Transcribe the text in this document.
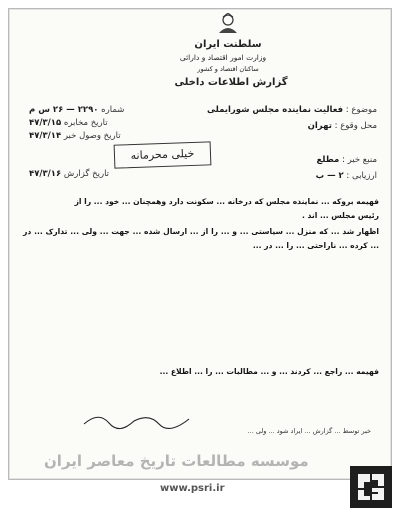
سلطنت ایران
وزارت امور اقتصاد و دارائی
ساکنان اقتصاد و کشور
گزارش اطلاعات داخلی
شماره ۲۲۹۰ — ۲۶ س م
تاریخ مخابره ۴۷/۳/۱۵
تاریخ وصول خبر ۴۷/۳/۱۴
تاریخ گزارش ۴۷/۳/۱۶
موضوع : فعالیت نماینده مجلس شورایملی
محل وقوع : تهران
منبع خبر : مطلع
ارزیابی : ۲ — ب
خیلی محرمانه
فهیمه بروکه ... نماینده مجلس که درخانه ... سکونت دارد وهمچنان ... خود ... را از
رئیس مجلس ... اند .
اظهار شد ... که منزل ... سیاستی ... و ... را از ... ارسال شده ... جهت ... ولی ... تدارک ... در ... کرده ... ناراحتی ... را ... در ...
فهیمه ... راجع ... کردند ... و ... مطالبات ... را ... اطلاع ...
خبر توسط ... گزارش ... ایراد شود ... ولی ...
موسسه مطالعات تاریخ معاصر ایران
www.psri.ir
